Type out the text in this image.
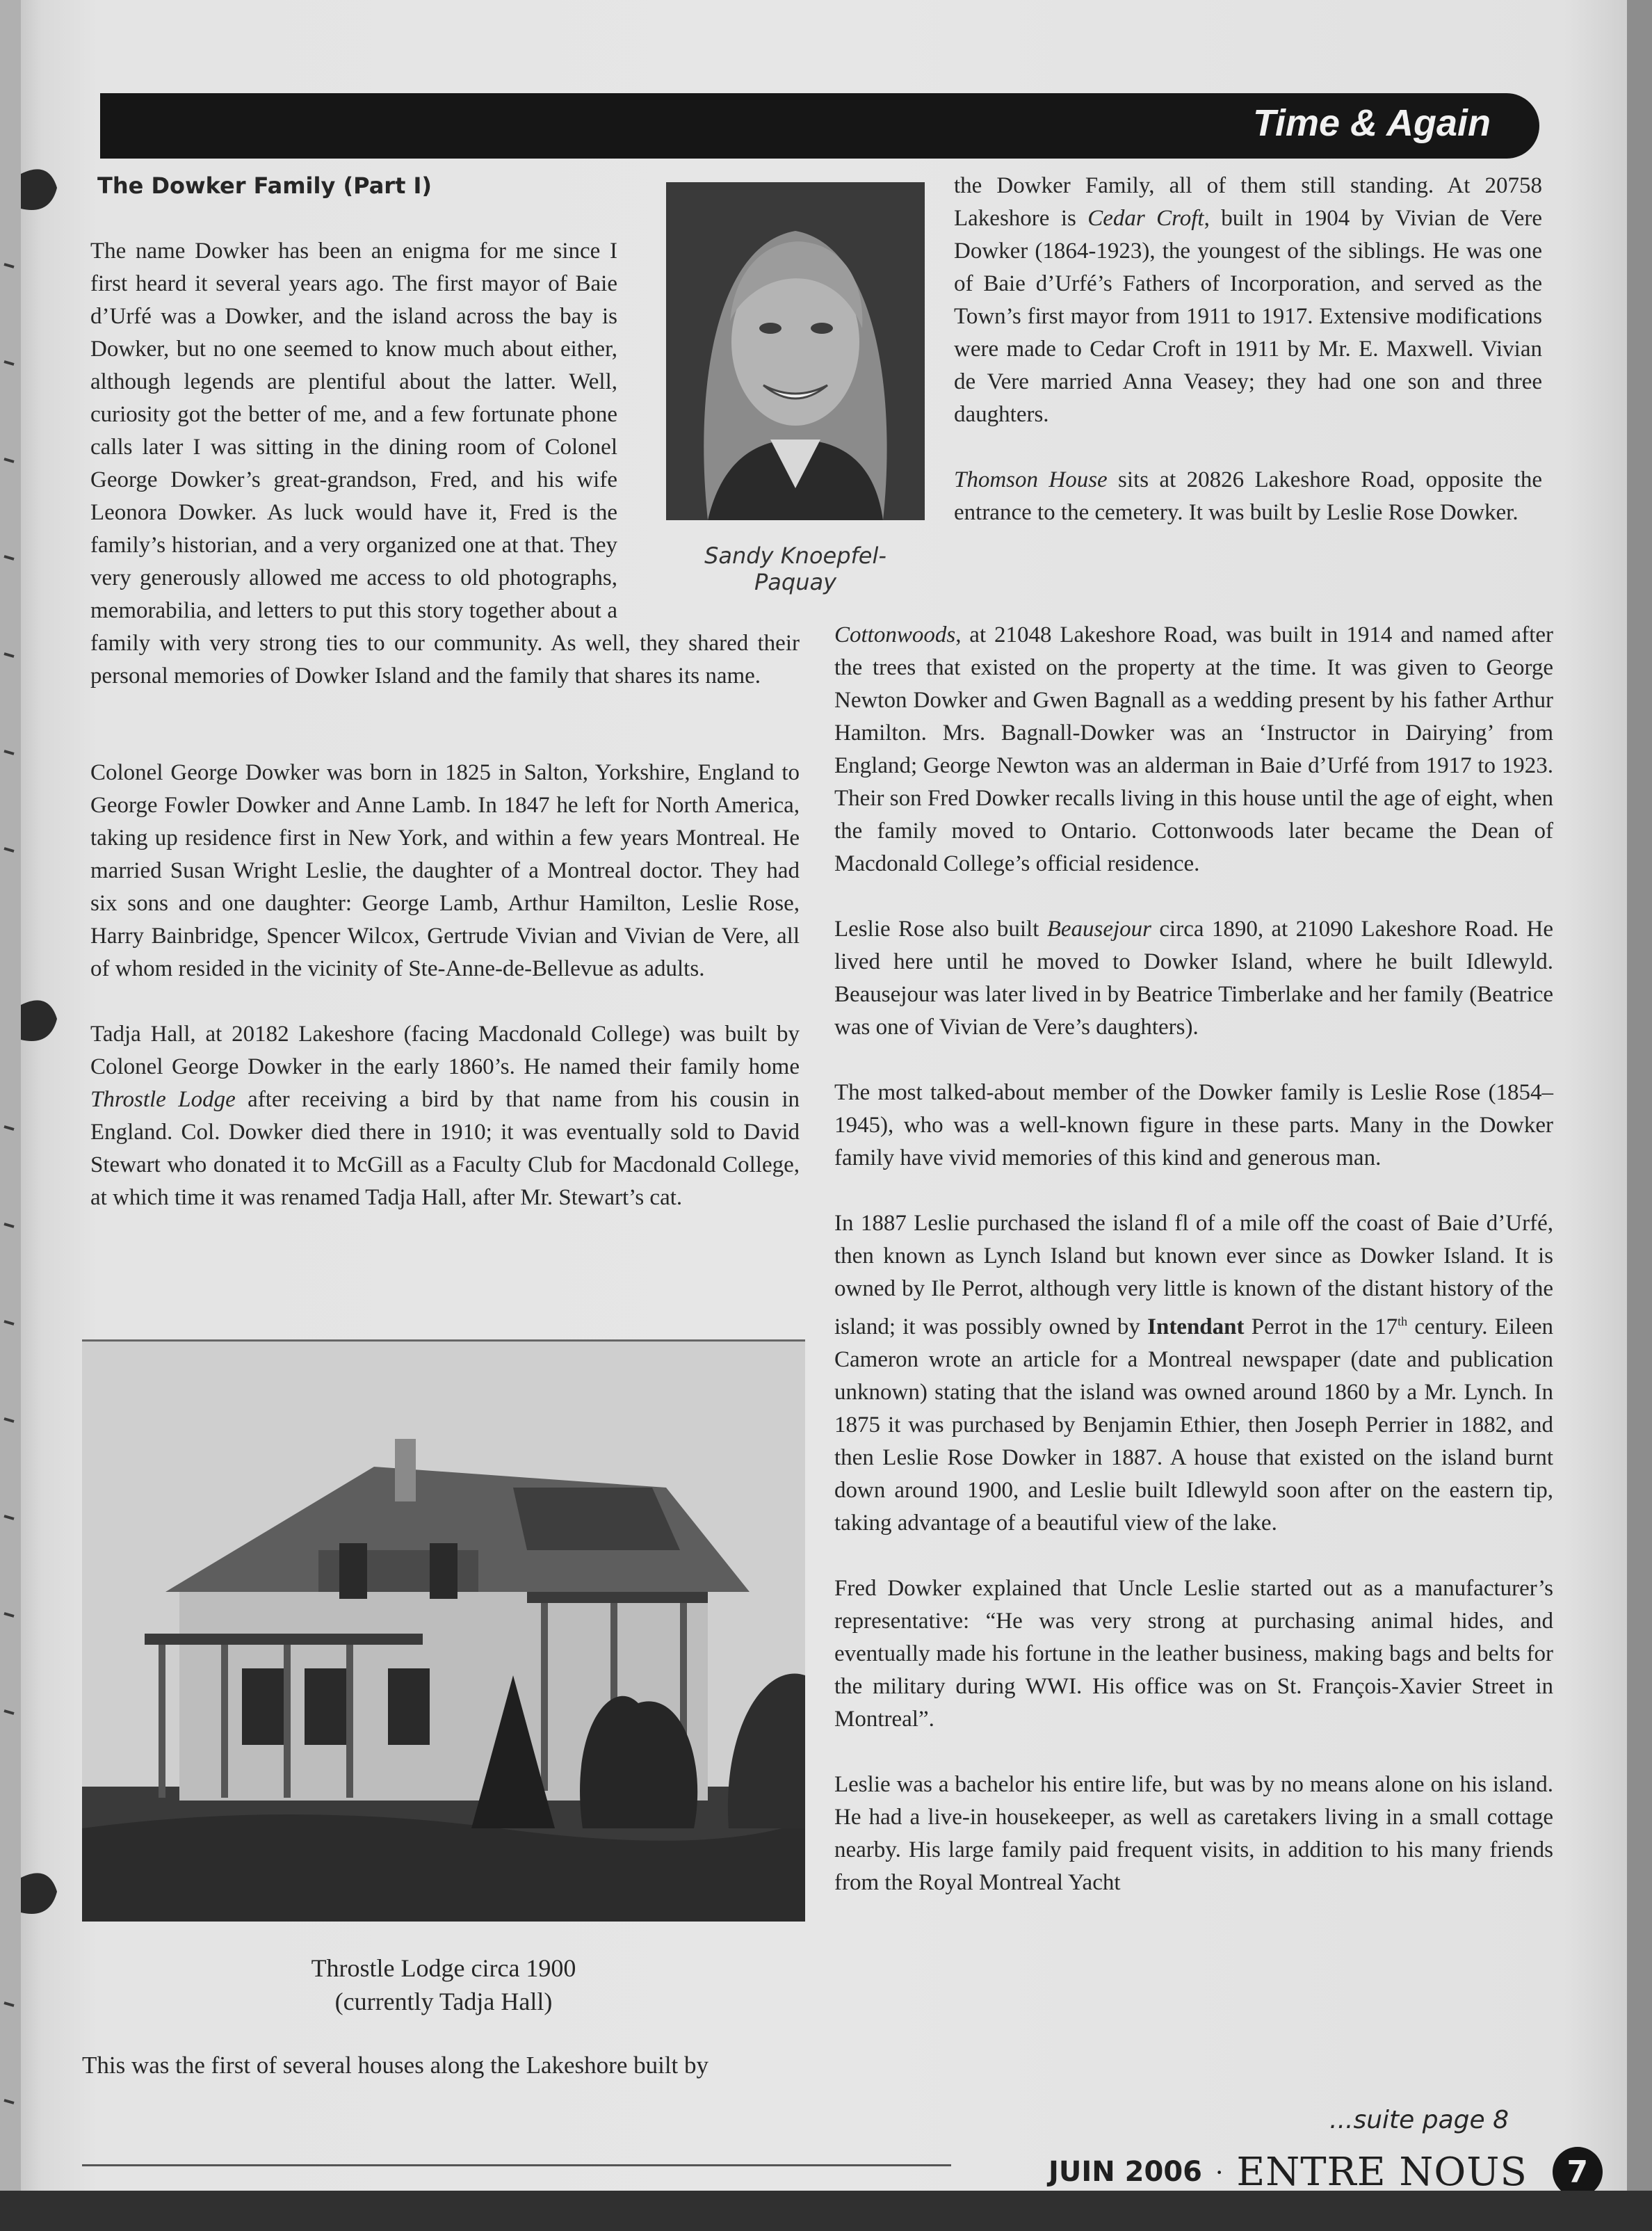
Time & Again
The Dowker Family (Part I)
Sandy Knoepfel-Paquay

The name Dowker has been an enigma for me since I first heard it several years ago. The first mayor of Baie d’Urfé was a Dowker, and the island across the bay is Dowker, but no one seemed to know much about either, although legends are plentiful about the latter. Well, curiosity got the better of me, and a few fortunate phone calls later I was sitting in the dining room of Colonel George Dowker’s great-grandson, Fred, and his wife Leonora Dowker. As luck would have it, Fred is the family’s historian, and a very organized one at that. They very generously allowed me access to old photographs, memorabilia, and letters to put this story together about a family with very strong ties to our community. As well, they shared their personal memories of Dowker Island and the family that shares its name.

Colonel George Dowker was born in 1825 in Salton, Yorkshire, England to George Fowler Dowker and Anne Lamb. In 1847 he left for North America, taking up residence first in New York, and within a few years Montreal. He married Susan Wright Leslie, the daughter of a Montreal doctor. They had six sons and one daughter: George Lamb, Arthur Hamilton, Leslie Rose, Harry Bainbridge, Spencer Wilcox, Gertrude Vivian and Vivian de Vere, all of whom resided in the vicinity of Ste-Anne-de-Bellevue as adults.

Tadja Hall, at 20182 Lakeshore (facing Macdonald College) was built by Colonel George Dowker in the early 1860’s. He named their family home Throstle Lodge after receiving a bird by that name from his cousin in England. Col. Dowker died there in 1910; it was eventually sold to David Stewart who donated it to McGill as a Faculty Club for Macdonald College, at which time it was renamed Tadja Hall, after Mr. Stewart’s cat.

Throstle Lodge circa 1900
(currently Tadja Hall)
This was the first of several houses along the Lakeshore built by

the Dowker Family, all of them still standing. At 20758 Lakeshore is Cedar Croft, built in 1904 by Vivian de Vere Dowker (1864-1923), the youngest of the siblings. He was one of Baie d’Urfé’s Fathers of Incorporation, and served as the Town’s first mayor from 1911 to 1917. Extensive modifications were made to Cedar Croft in 1911 by Mr. E. Maxwell. Vivian de Vere married Anna Veasey; they had one son and three daughters.

Thomson House sits at 20826 Lakeshore Road, opposite the entrance to the cemetery. It was built by Leslie Rose Dowker.

Cottonwoods, at 21048 Lakeshore Road, was built in 1914 and named after the trees that existed on the property at the time. It was given to George Newton Dowker and Gwen Bagnall as a wedding present by his father Arthur Hamilton. Mrs. Bagnall-Dowker was an ‘Instructor in Dairying’ from England; George Newton was an alderman in Baie d’Urfé from 1917 to 1923. Their son Fred Dowker recalls living in this house until the age of eight, when the family moved to Ontario. Cottonwoods later became the Dean of Macdonald College’s official residence.

Leslie Rose also built Beausejour circa 1890, at 21090 Lakeshore Road. He lived here until he moved to Dowker Island, where he built Idlewyld. Beausejour was later lived in by Beatrice Timberlake and her family (Beatrice was one of Vivian de Vere’s daughters).

The most talked-about member of the Dowker family is Leslie Rose (1854–1945), who was a well-known figure in these parts. Many in the Dowker family have vivid memories of this kind and generous man.

In 1887 Leslie purchased the island fl of a mile off the coast of Baie d’Urfé, then known as Lynch Island but known ever since as Dowker Island. It is owned by Ile Perrot, although very little is known of the distant history of the island; it was possibly owned by Intendant Perrot in the 17th century. Eileen Cameron wrote an article for a Montreal newspaper (date and publication unknown) stating that the island was owned around 1860 by a Mr. Lynch. In 1875 it was purchased by Benjamin Ethier, then Joseph Perrier in 1882, and then Leslie Rose Dowker in 1887. A house that existed on the island burnt down around 1900, and Leslie built Idlewyld soon after on the eastern tip, taking advantage of a beautiful view of the lake.

Fred Dowker explained that Uncle Leslie started out as a manufacturer’s representative: “He was very strong at purchasing animal hides, and eventually made his fortune in the leather business, making bags and belts for the military during WWI. His office was on St. François-Xavier Street in Montreal”.

Leslie was a bachelor his entire life, but was by no means alone on his island. He had a live-in housekeeper, as well as caretakers living in a small cottage nearby. His large family paid frequent visits, in addition to his many friends from the Royal Montreal Yacht

...suite page 8
JUIN 2006 · ENTRE NOUS	7
